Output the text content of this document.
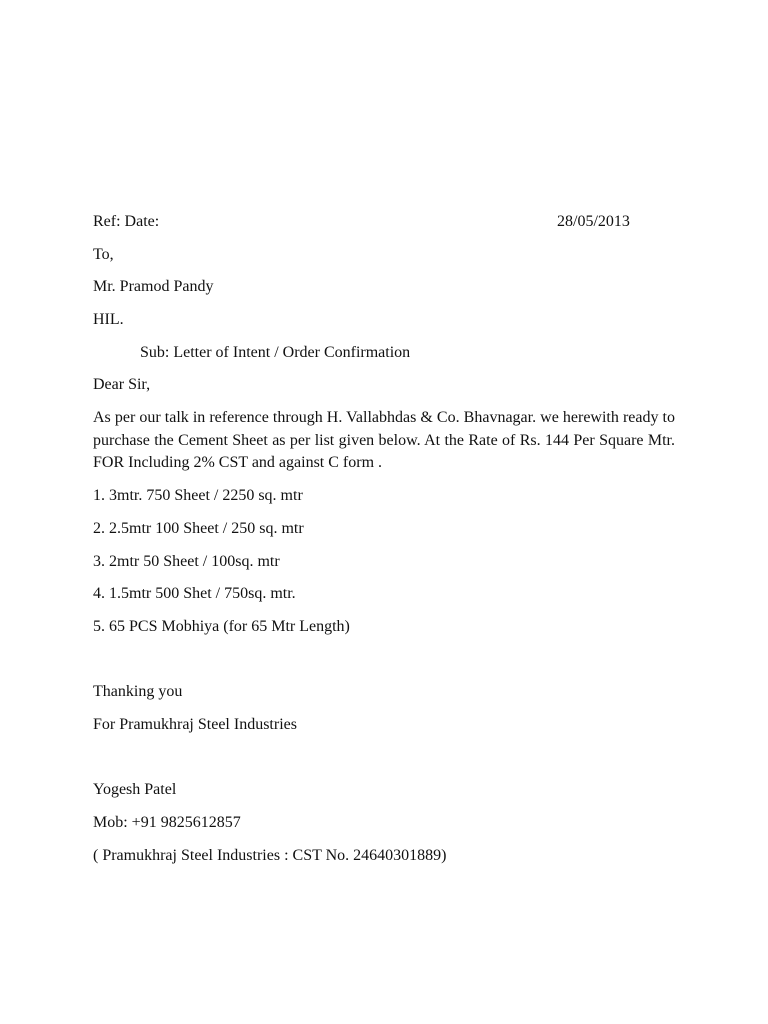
Ref: Date:	28/05/2013
To,
Mr. Pramod Pandy
HIL.
Sub: Letter of Intent / Order Confirmation
Dear Sir,
As per our talk in reference through H. Vallabhdas & Co. Bhavnagar. we herewith ready to purchase the Cement Sheet as per list given below. At the Rate of Rs. 144 Per Square Mtr. FOR Including 2% CST and against C form .
1. 3mtr. 750 Sheet / 2250 sq. mtr
2. 2.5mtr 100 Sheet / 250 sq. mtr
3. 2mtr 50 Sheet / 100sq. mtr
4. 1.5mtr 500 Shet / 750sq. mtr.
5. 65 PCS Mobhiya (for 65 Mtr Length)
Thanking you
For Pramukhraj Steel Industries
Yogesh Patel
Mob: +91 9825612857
( Pramukhraj Steel Industries : CST No. 24640301889)
